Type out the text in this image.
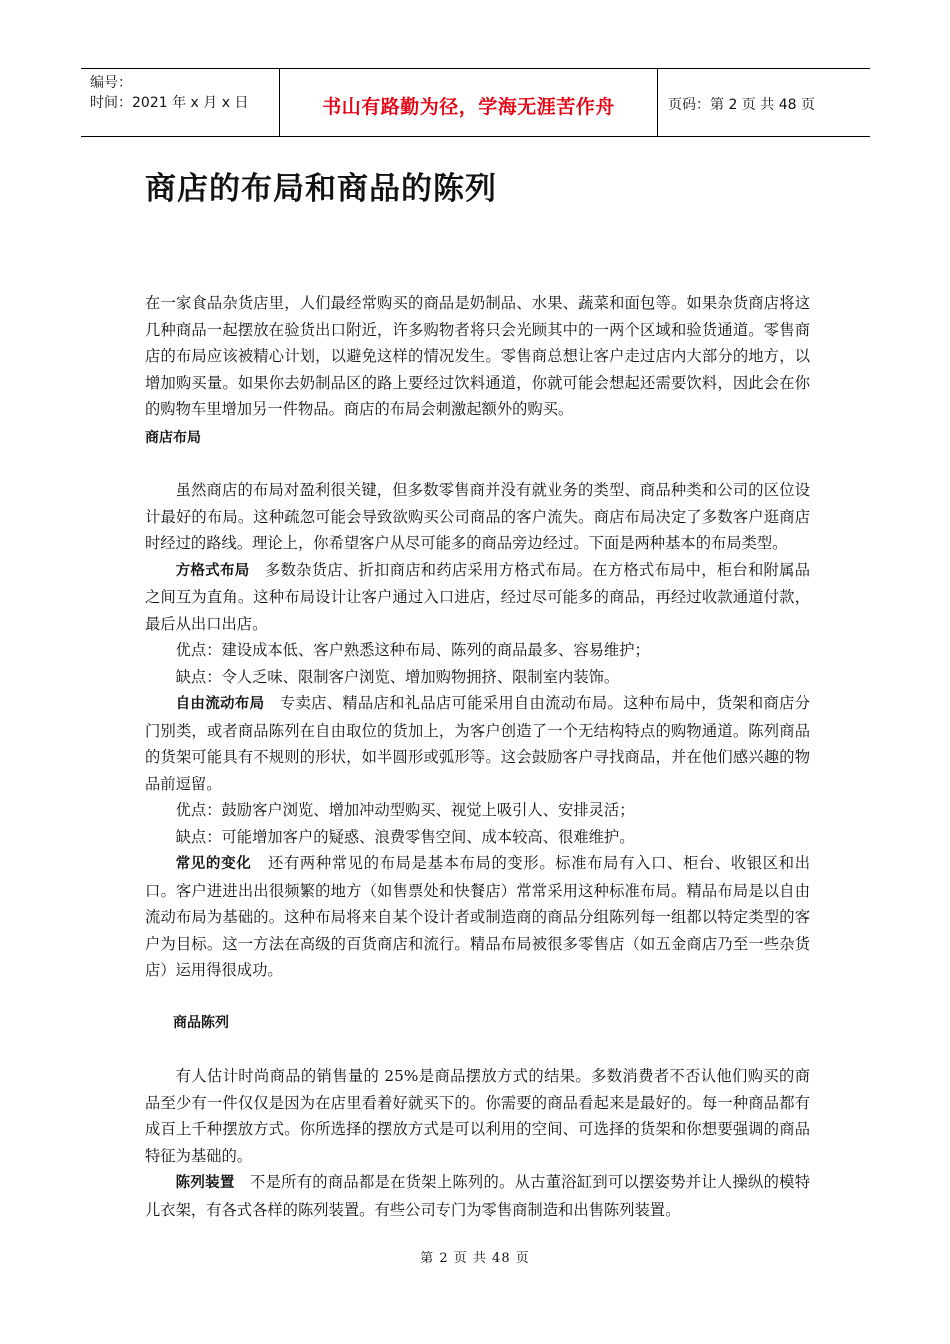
编号：
时间：2021 年 x 月 x 日	书山有路勤为径，学海无涯苦作舟	页码：第 2 页 共 48 页
商店的布局和商品的陈列

在一家食品杂货店里，人们最经常购买的商品是奶制品、水果、蔬菜和面包等。如果杂货商店将这几种商品一起摆放在验货出口附近，许多购物者将只会光顾其中的一两个区域和验货通道。零售商店的布局应该被精心计划，以避免这样的情况发生。零售商总想让客户走过店内大部分的地方，以增加购买量。如果你去奶制品区的路上要经过饮料通道，你就可能会想起还需要饮料，因此会在你的购物车里增加另一件物品。商店的布局会刺激起额外的购买。

商店布局

虽然商店的布局对盈利很关键，但多数零售商并没有就业务的类型、商品种类和公司的区位设计最好的布局。这种疏忽可能会导致欲购买公司商品的客户流失。商店布局决定了多数客户逛商店时经过的路线。理论上，你希望客户从尽可能多的商品旁边经过。下面是两种基本的布局类型。

方格式布局 多数杂货店、折扣商店和药店采用方格式布局。在方格式布局中，柜台和附属品之间互为直角。这种布局设计让客户通过入口进店，经过尽可能多的商品，再经过收款通道付款，最后从出口出店。

优点：建设成本低、客户熟悉这种布局、陈列的商品最多、容易维护；

缺点：令人乏味、限制客户浏览、增加购物拥挤、限制室内装饰。

自由流动布局 专卖店、精品店和礼品店可能采用自由流动布局。这种布局中，货架和商店分门别类，或者商品陈列在自由取位的货加上，为客户创造了一个无结构特点的购物通道。陈列商品的货架可能具有不规则的形状，如半圆形或弧形等。这会鼓励客户寻找商品，并在他们感兴趣的物品前逗留。

优点：鼓励客户浏览、增加冲动型购买、视觉上吸引人、安排灵活；

缺点：可能增加客户的疑惑、浪费零售空间、成本较高、很难维护。

常见的变化 还有两种常见的布局是基本布局的变形。标准布局有入口、柜台、收银区和出口。客户进进出出很频繁的地方（如售票处和快餐店）常常采用这种标准布局。精品布局是以自由流动布局为基础的。这种布局将来自某个设计者或制造商的商品分组陈列每一组都以特定类型的客户为目标。这一方法在高级的百货商店和流行。精品布局被很多零售店（如五金商店乃至一些杂货店）运用得很成功。

商品陈列

有人估计时尚商品的销售量的 25%是商品摆放方式的结果。多数消费者不否认他们购买的商品至少有一件仅仅是因为在店里看着好就买下的。你需要的商品看起来是最好的。每一种商品都有成百上千种摆放方式。你所选择的摆放方式是可以利用的空间、可选择的货架和你想要强调的商品特征为基础的。

陈列装置 不是所有的商品都是在货架上陈列的。从古董浴缸到可以摆姿势并让人操纵的模特儿衣架，有各式各样的陈列装置。有些公司专门为零售商制造和出售陈列装置。

第 2 页 共 48 页
